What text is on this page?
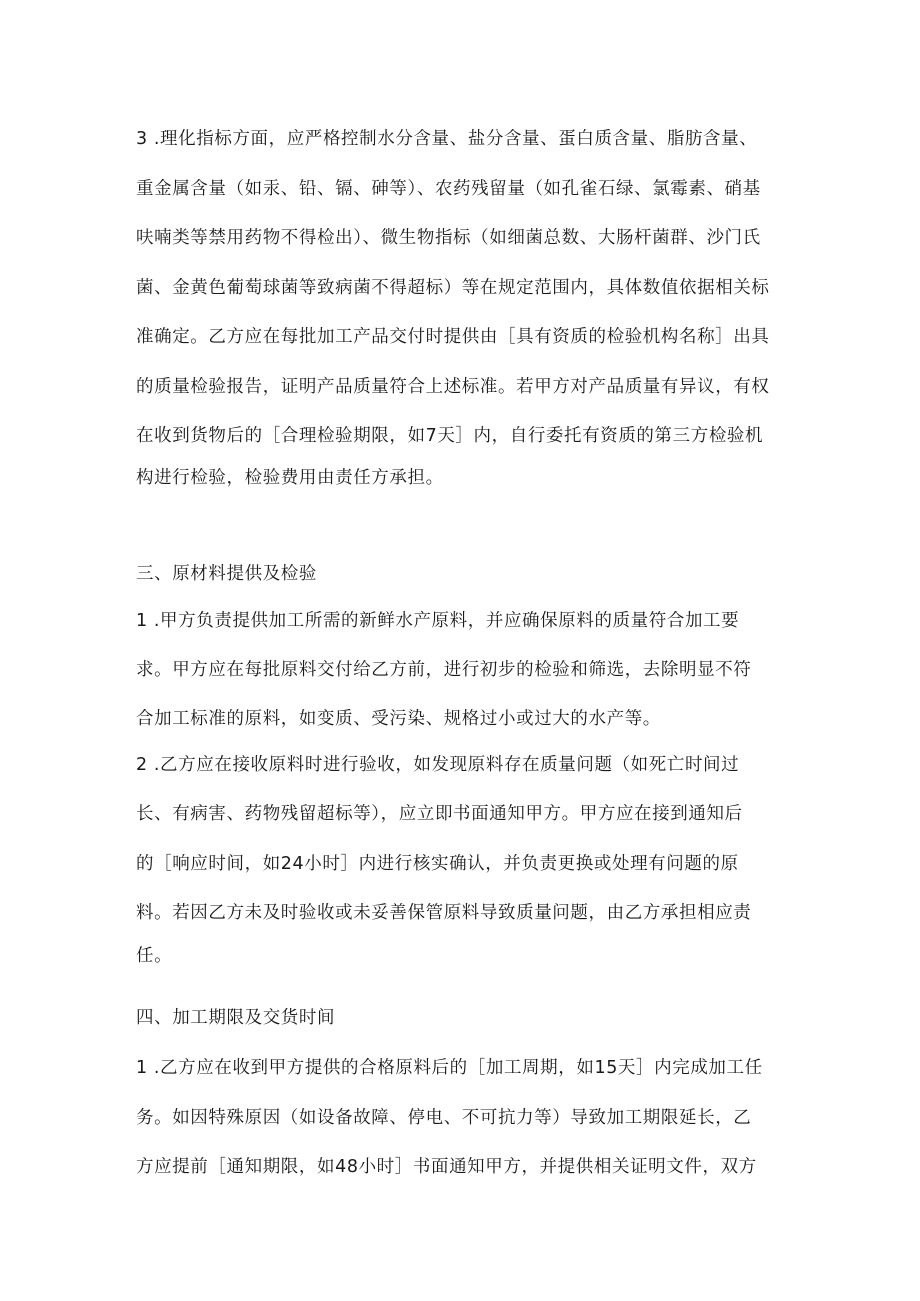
3 .理化指标方面，应严格控制水分含量、盐分含量、蛋白质含量、脂肪含量、
重金属含量（如汞、铅、镉、砷等）、农药残留量（如孔雀石绿、氯霉素、硝基
呋喃类等禁用药物不得检出）、微生物指标（如细菌总数、大肠杆菌群、沙门氏
菌、金黄色葡萄球菌等致病菌不得超标）等在规定范围内，具体数值依据相关标
准确定。乙方应在每批加工产品交付时提供由［具有资质的检验机构名称］出具
的质量检验报告，证明产品质量符合上述标准。若甲方对产品质量有异议，有权
在收到货物后的［合理检验期限，如7天］内，自行委托有资质的第三方检验机
构进行检验，检验费用由责任方承担。
三、原材料提供及检验
1 .甲方负责提供加工所需的新鲜水产原料，并应确保原料的质量符合加工要
求。甲方应在每批原料交付给乙方前，进行初步的检验和筛选，去除明显不符
合加工标准的原料，如变质、受污染、规格过小或过大的水产等。
2 .乙方应在接收原料时进行验收，如发现原料存在质量问题（如死亡时间过
长、有病害、药物残留超标等），应立即书面通知甲方。甲方应在接到通知后
的［响应时间，如24小时］内进行核实确认，并负责更换或处理有问题的原
料。若因乙方未及时验收或未妥善保管原料导致质量问题，由乙方承担相应责
任。
四、加工期限及交货时间
1 .乙方应在收到甲方提供的合格原料后的［加工周期，如15天］内完成加工任
务。如因特殊原因（如设备故障、停电、不可抗力等）导致加工期限延长，乙
方应提前［通知期限，如48小时］书面通知甲方，并提供相关证明文件，双方
